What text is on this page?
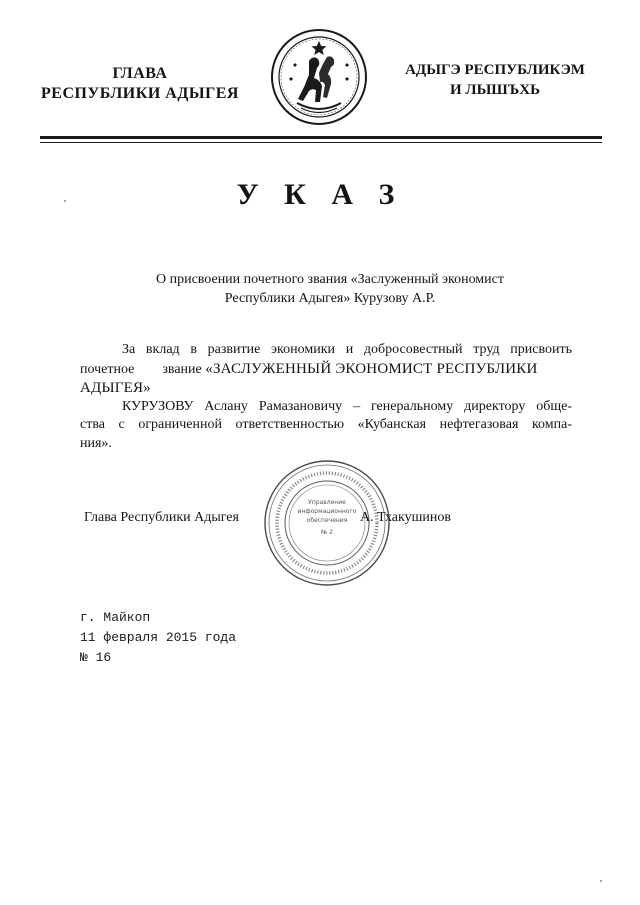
ГЛАВА
РЕСПУБЛИКИ АДЫГЕЯ
АДЫГЭ РЕСПУБЛИКЭМ
И ЛЫШЪХЬ
У К А З
О присвоении почетного звания «Заслуженный экономист
Республики Адыгея» Курузову А.Р.
За вклад в развитие экономики и добросовестный труд присвоить
почетное звание «ЗАСЛУЖЕННЫЙ ЭКОНОМИСТ РЕСПУБЛИКИ
АДЫГЕЯ»
КУРУЗОВУ Аслану Рамазановичу – генеральному директору обще-
ства с ограниченной ответственностью «Кубанская нефтегазовая компа-
ния».
Управление
информационного
обеспечения
№ 2
Глава Республики Адыгея	А. Тхакушинов
г. Майкоп
11 февраля 2015 года
№ 16
